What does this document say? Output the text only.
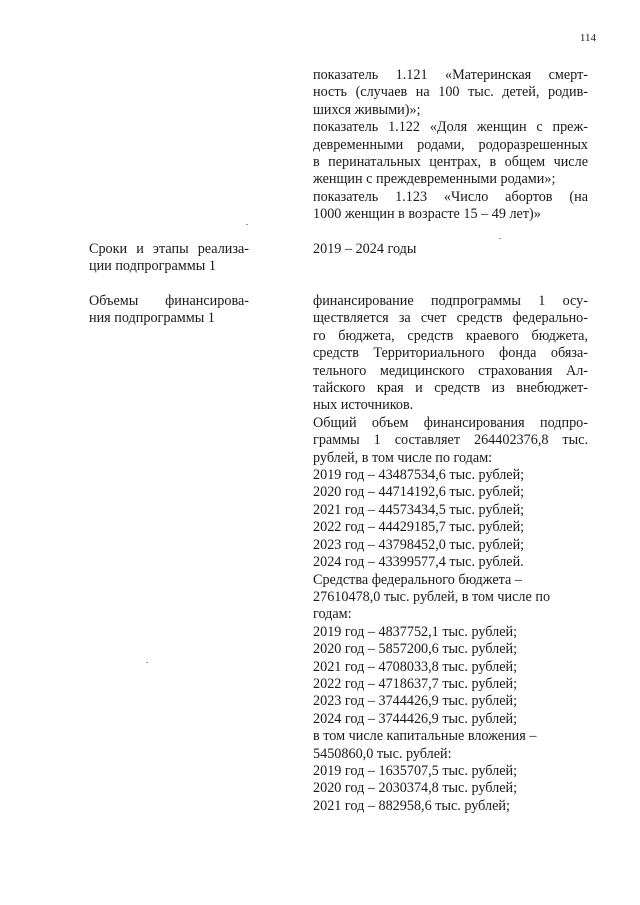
114
показатель 1.121 «Материнская смерт-
ность (случаев на 100 тыс. детей, родив-
шихся живыми)»;
показатель 1.122 «Доля женщин с преж-
девременными родами, родоразрешенных
в перинатальных центрах, в общем числе
женщин с преждевременными родами»;
показатель 1.123 «Число абортов (на
1000 женщин в возрасте 15 – 49 лет)»
Сроки и этапы реализа-
ции подпрограммы 1
2019 – 2024 годы
Объемы финансирова-
ния подпрограммы 1
финансирование подпрограммы 1 осу-
ществляется за счет средств федерально-
го бюджета, средств краевого бюджета,
средств Территориального фонда обяза-
тельного медицинского страхования Ал-
тайского края и средств из внебюджет-
ных источников.
Общий объем финансирования подпро-
граммы 1 составляет 264402376,8 тыс.
рублей, в том числе по годам:
2019 год – 43487534,6 тыс. рублей;
2020 год – 44714192,6 тыс. рублей;
2021 год – 44573434,5 тыс. рублей;
2022 год – 44429185,7 тыс. рублей;
2023 год – 43798452,0 тыс. рублей;
2024 год – 43399577,4 тыс. рублей.
Средства федерального бюджета –
27610478,0 тыс. рублей, в том числе по
годам:
2019 год – 4837752,1 тыс. рублей;
2020 год – 5857200,6 тыс. рублей;
2021 год – 4708033,8 тыс. рублей;
2022 год – 4718637,7 тыс. рублей;
2023 год – 3744426,9 тыс. рублей;
2024 год – 3744426,9 тыс. рублей;
в том числе капитальные вложения –
5450860,0 тыс. рублей:
2019 год – 1635707,5 тыс. рублей;
2020 год – 2030374,8 тыс. рублей;
2021 год – 882958,6 тыс. рублей;
